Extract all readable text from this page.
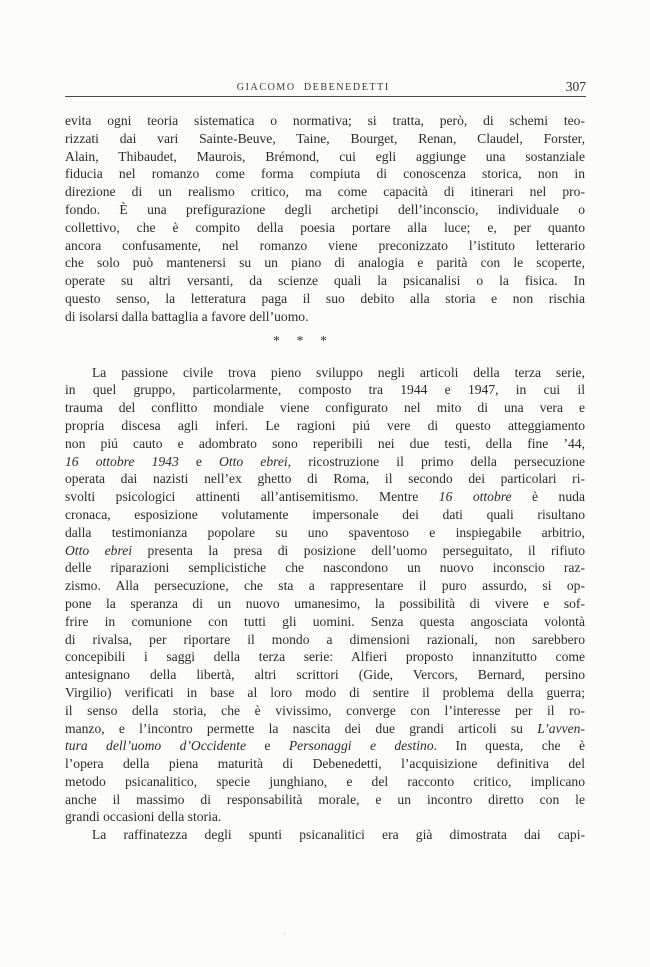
GIACOMO DEBENEDETTI	307
evita ogni teoria sistematica o normativa; si tratta, però, di schemi teo-
rizzati dai vari Sainte-Beuve, Taine, Bourget, Renan, Claudel, Forster,
Alain, Thibaudet, Maurois, Brémond, cui egli aggiunge una sostanziale
fiducia nel romanzo come forma compiuta di conoscenza storica, non in
direzione di un realismo critico, ma come capacità di itinerari nel pro-
fondo. È una prefigurazione degli archetipi dell’inconscio, individuale o
collettivo, che è compito della poesia portare alla luce; e, per quanto
ancora confusamente, nel romanzo viene preconizzato l’istituto letterario
che solo può mantenersi su un piano di analogia e parità con le scoperte,
operate su altri versanti, da scienze quali la psicanalisi o la fisica. In
questo senso, la letteratura paga il suo debito alla storia e non rischia
di isolarsi dalla battaglia a favore dell’uomo.
* * *
La passione civile trova pieno sviluppo negli articoli della terza serie,
in quel gruppo, particolarmente, composto tra 1944 e 1947, in cui il
trauma del conflitto mondiale viene configurato nel mito di una vera e
propria discesa agli inferi. Le ragioni piú vere di questo atteggiamento
non piú cauto e adombrato sono reperibili nei due testi, della fine ’44,
16 ottobre 1943 e Otto ebrei, ricostruzione il primo della persecuzione
operata dai nazisti nell’ex ghetto di Roma, il secondo dei particolari ri-
svolti psicologici attinenti all’antisemitismo. Mentre 16 ottobre è nuda
cronaca, esposizione volutamente impersonale dei dati quali risultano
dalla testimonianza popolare su uno spaventoso e inspiegabile arbitrio,
Otto ebrei presenta la presa di posizione dell’uomo perseguitato, il rifiuto
delle riparazioni semplicistiche che nascondono un nuovo inconscio raz-
zismo. Alla persecuzione, che sta a rappresentare il puro assurdo, si op-
pone la speranza di un nuovo umanesimo, la possibilità di vivere e sof-
frire in comunione con tutti gli uomini. Senza questa angosciata volontà
di rivalsa, per riportare il mondo a dimensioni razionali, non sarebbero
concepibili i saggi della terza serie: Alfieri proposto innanzitutto come
antesignano della libertà, altri scrittori (Gide, Vercors, Bernard, persino
Virgilio) verificati in base al loro modo di sentire il problema della guerra;
il senso della storia, che è vivissimo, converge con l’interesse per il ro-
manzo, e l’incontro permette la nascita dei due grandi articoli su L’avven-
tura dell’uomo d’Occidente e Personaggi e destino. In questa, che è
l’opera della piena maturità di Debenedetti, l’acquisizione definitiva del
metodo psicanalitico, specie junghiano, e del racconto critico, implicano
anche il massimo di responsabilità morale, e un incontro diretto con le
grandi occasioni della storia.
La raffinatezza degli spunti psicanalitici era già dimostrata dai capi-
+
